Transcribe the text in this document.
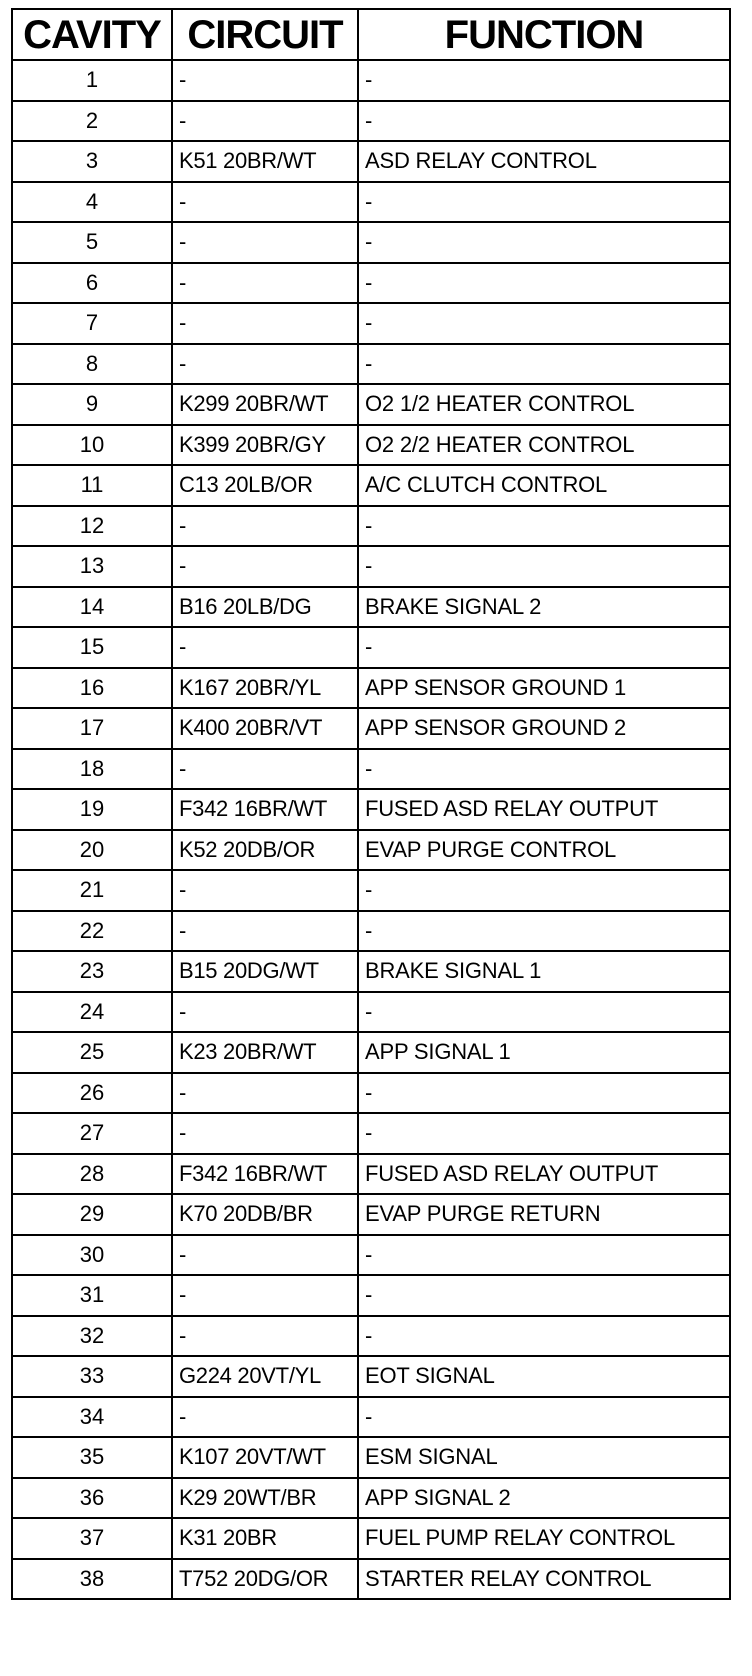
CAVITY	CIRCUIT	FUNCTION
1	-	-
2	-	-
3	K51 20BR/WT	ASD RELAY CONTROL
4	-	-
5	-	-
6	-	-
7	-	-
8	-	-
9	K299 20BR/WT	O2 1/2 HEATER CONTROL
10	K399 20BR/GY	O2 2/2 HEATER CONTROL
11	C13 20LB/OR	A/C CLUTCH CONTROL
12	-	-
13	-	-
14	B16 20LB/DG	BRAKE SIGNAL 2
15	-	-
16	K167 20BR/YL	APP SENSOR GROUND 1
17	K400 20BR/VT	APP SENSOR GROUND 2
18	-	-
19	F342 16BR/WT	FUSED ASD RELAY OUTPUT
20	K52 20DB/OR	EVAP PURGE CONTROL
21	-	-
22	-	-
23	B15 20DG/WT	BRAKE SIGNAL 1
24	-	-
25	K23 20BR/WT	APP SIGNAL 1
26	-	-
27	-	-
28	F342 16BR/WT	FUSED ASD RELAY OUTPUT
29	K70 20DB/BR	EVAP PURGE RETURN
30	-	-
31	-	-
32	-	-
33	G224 20VT/YL	EOT SIGNAL
34	-	-
35	K107 20VT/WT	ESM SIGNAL
36	K29 20WT/BR	APP SIGNAL 2
37	K31 20BR	FUEL PUMP RELAY CONTROL
38	T752 20DG/OR	STARTER RELAY CONTROL
